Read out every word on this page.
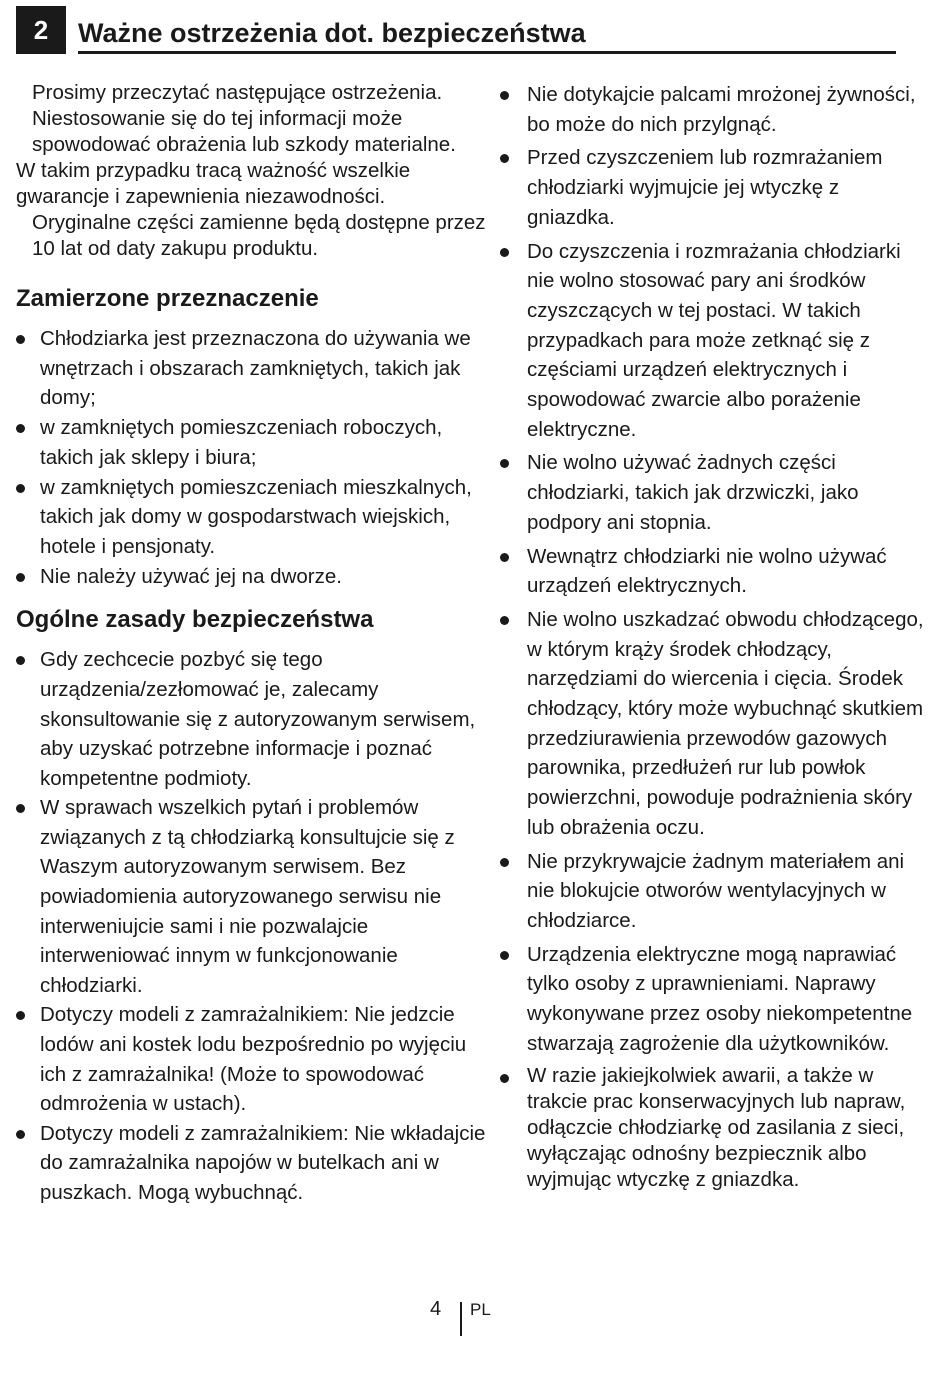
2	Ważne ostrzeżenia dot. bezpieczeństwa

Prosimy przeczytać następujące ostrzeżenia. Niestosowanie się do tej informacji może spowodować obrażenia lub szkody materialne.

W takim przypadku tracą ważność wszelkie gwarancje i zapewnienia niezawodności.

Oryginalne części zamienne będą dostępne przez 10 lat od daty zakupu produktu.

Zamierzone przeznaczenie
Chłodziarka jest przeznaczona do używania we wnętrzach i obszarach zamkniętych, takich jak domy;
w zamkniętych pomieszczeniach roboczych, takich jak sklepy i biura;
w zamkniętych pomieszczeniach mieszkalnych, takich jak domy w gospodarstwach wiejskich, hotele i pensjonaty.
Nie należy używać jej na dworze.
Ogólne zasady bezpieczeństwa
Gdy zechcecie pozbyć się tego urządzenia/zezłomować je, zalecamy skonsultowanie się z autoryzowanym serwisem, aby uzyskać potrzebne informacje i poznać kompetentne podmioty.
W sprawach wszelkich pytań i problemów związanych z tą chłodziarką konsultujcie się z Waszym autoryzowanym serwisem. Bez powiadomienia autoryzowanego serwisu nie interweniujcie sami i nie pozwalajcie interweniować innym w funkcjonowanie chłodziarki.
Dotyczy modeli z zamrażalnikiem: Nie jedzcie lodów ani kostek lodu bezpośrednio po wyjęciu ich z zamrażalnika! (Może to spowodować odmrożenia w ustach).
Dotyczy modeli z zamrażalnikiem: Nie wkładajcie do zamrażalnika napojów w butelkach ani w puszkach. Mogą wybuchnąć.
Nie dotykajcie palcami mrożonej żywności, bo może do nich przylgnąć.
Przed czyszczeniem lub rozmrażaniem chłodziarki wyjmujcie jej wtyczkę z gniazdka.
Do czyszczenia i rozmrażania chłodziarki nie wolno stosować pary ani środków czyszczących w tej postaci. W takich przypadkach para może zetknąć się z częściami urządzeń elektrycznych i spowodować zwarcie albo porażenie elektryczne.
Nie wolno używać żadnych części chłodziarki, takich jak drzwiczki, jako podpory ani stopnia.
Wewnątrz chłodziarki nie wolno używać urządzeń elektrycznych.
Nie wolno uszkadzać obwodu chłodzącego, w którym krąży środek chłodzący, narzędziami do wiercenia i cięcia. Środek chłodzący, który może wybuchnąć skutkiem przedziurawienia przewodów gazowych parownika, przedłużeń rur lub powłok powierzchni, powoduje podrażnienia skóry lub obrażenia oczu.
Nie przykrywajcie żadnym materiałem ani nie blokujcie otworów wentylacyjnych w chłodziarce.
Urządzenia elektryczne mogą naprawiać tylko osoby z uprawnieniami. Naprawy wykonywane przez osoby niekompetentne stwarzają zagrożenie dla użytkowników.
W razie jakiejkolwiek awarii, a także w trakcie prac konserwacyjnych lub napraw, odłączcie chłodziarkę od zasilania z sieci, wyłączając odnośny bezpiecznik albo wyjmując wtyczkę z gniazdka.
4 PL
